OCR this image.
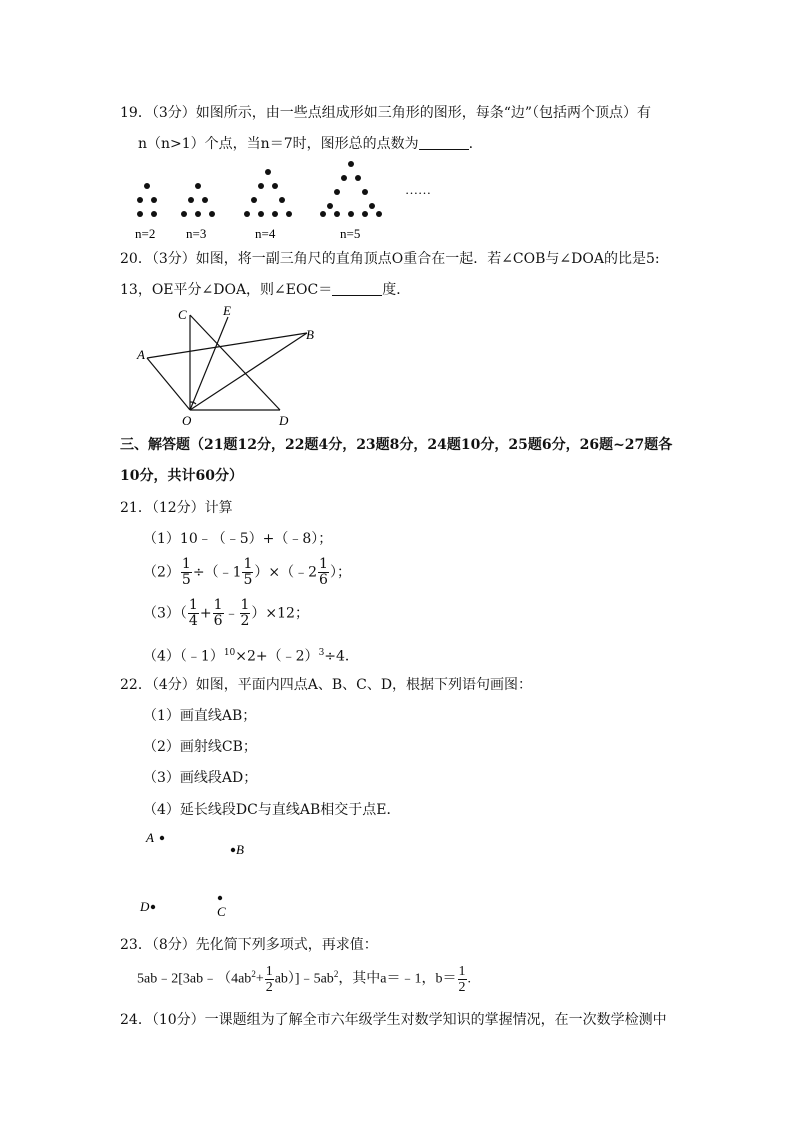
19．（3分）如图所示，由一些点组成形如三角形的图形，每条“边”（包括两个顶点）有
n（n>1）个点，当n＝7时，图形总的点数为	.
n=2 n=3	n=4	n=5
……
20．（3分）如图，将一副三角尺的直角顶点O重合在一起．若∠COB与∠DOA的比是5:
13，OE平分∠DOA，则∠EOC＝	度．
C	E
B
A
O	D
三、解答题（21题12分，22题4分，23题8分，24题10分，25题6分，26题~27题各
10分，共计60分）
21．（12分）计算
（1）10﹣（﹣5）+（﹣8）；
$(2) \frac{1}{5}$ ÷（﹣1 $\frac{1}{5}$ ）×（﹣2 $\frac{1}{6}$ ）；
$(3)( \frac{1}{4} + \frac{1}{6}$ ﹣ $\frac{1}{2} )\times 12$；
（4）（﹣1）$^{10}$×2+（﹣2）$^3$÷4．
22．（4分）如图，平面内四点A、B、C、D，根据下列语句画图：
（1）画直线AB；
（2）画射线CB；
（3）画线段AD；
（4）延长线段DC与直线AB相交于点E．
A
B
D	C
23．（8分）先化简下列多项式，再求值：
$5ab﹣2[3ab﹣(4ab^2+ \frac{1}{2}$ $ab)]﹣5ab^2$，其中a＝﹣1，$b= \frac{1}{2}$ .
24．（10分）一课题组为了解全市六年级学生对数学知识的掌握情况，在一次数学检测中
